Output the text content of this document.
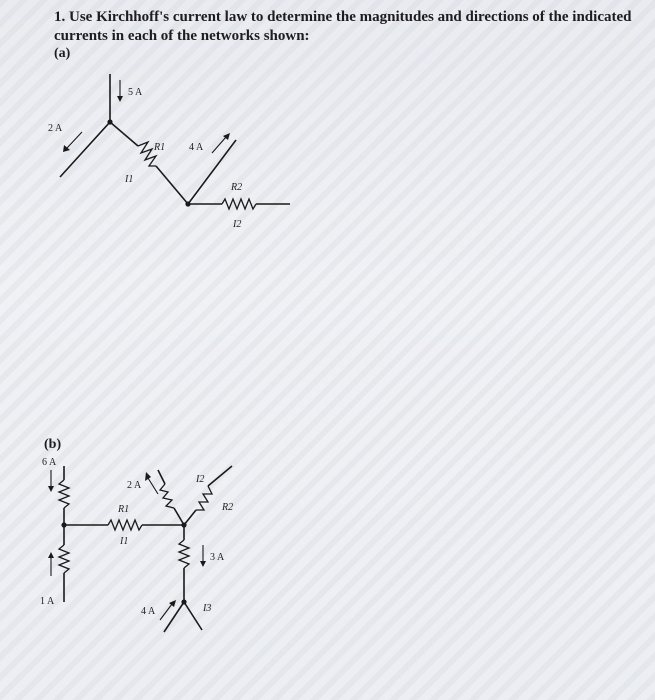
1. Use Kirchhoff's current law to determine the magnitudes and directions of the indicated currents in each of the networks shown:
(a)
(b)
5 A
2 A
R1
I1
4 A
R2
I2
6 A
1 A
R1
I1
2 A
I2
R2
3 A
4 A	I3
